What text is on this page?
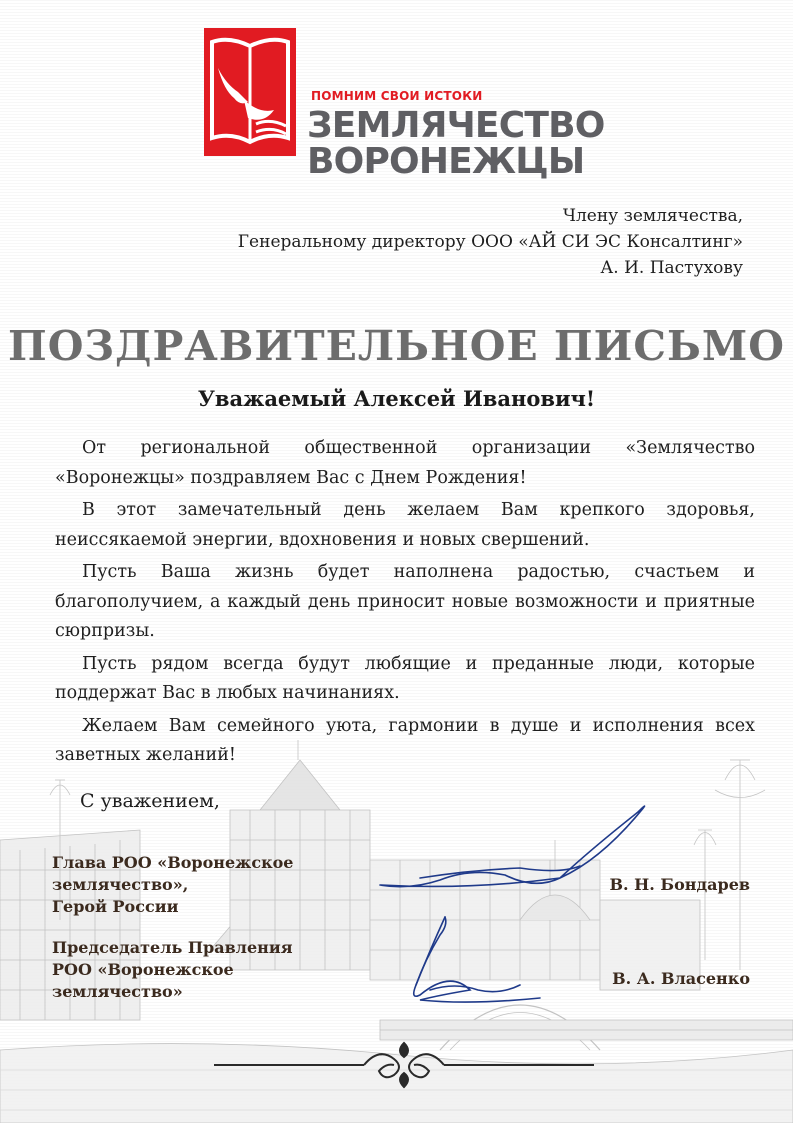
ПОМНИМ СВОИ ИСТОКИ
ЗЕМЛЯЧЕСТВО
ВОРОНЕЖЦЫ
Члену землячества,
Генеральному директору ООО «АЙ СИ ЭС Консалтинг»
А. И. Пастухову
ПОЗДРАВИТЕЛЬНОЕ ПИСЬМО
Уважаемый Алексей Иванович!

От региональной общественной организации «Землячество «Воронежцы» поздравляем Вас с Днем Рождения!

В этот замечательный день желаем Вам крепкого здоровья, неиссякаемой энергии, вдохновения и новых свершений.

Пусть Ваша жизнь будет наполнена радостью, счастьем и благополучием, а каждый день приносит новые возможности и приятные сюрпризы.

Пусть рядом всегда будут любящие и преданные люди, которые поддержат Вас в любых начинаниях.

Желаем Вам семейного уюта, гармонии в душе и исполнения всех заветных желаний!

С уважением,
Глава РОО «Воронежское
землячество»,
Герой России
В. Н. Бондарев
Председатель Правления
РОО «Воронежское
землячество»
В. А. Власенко
